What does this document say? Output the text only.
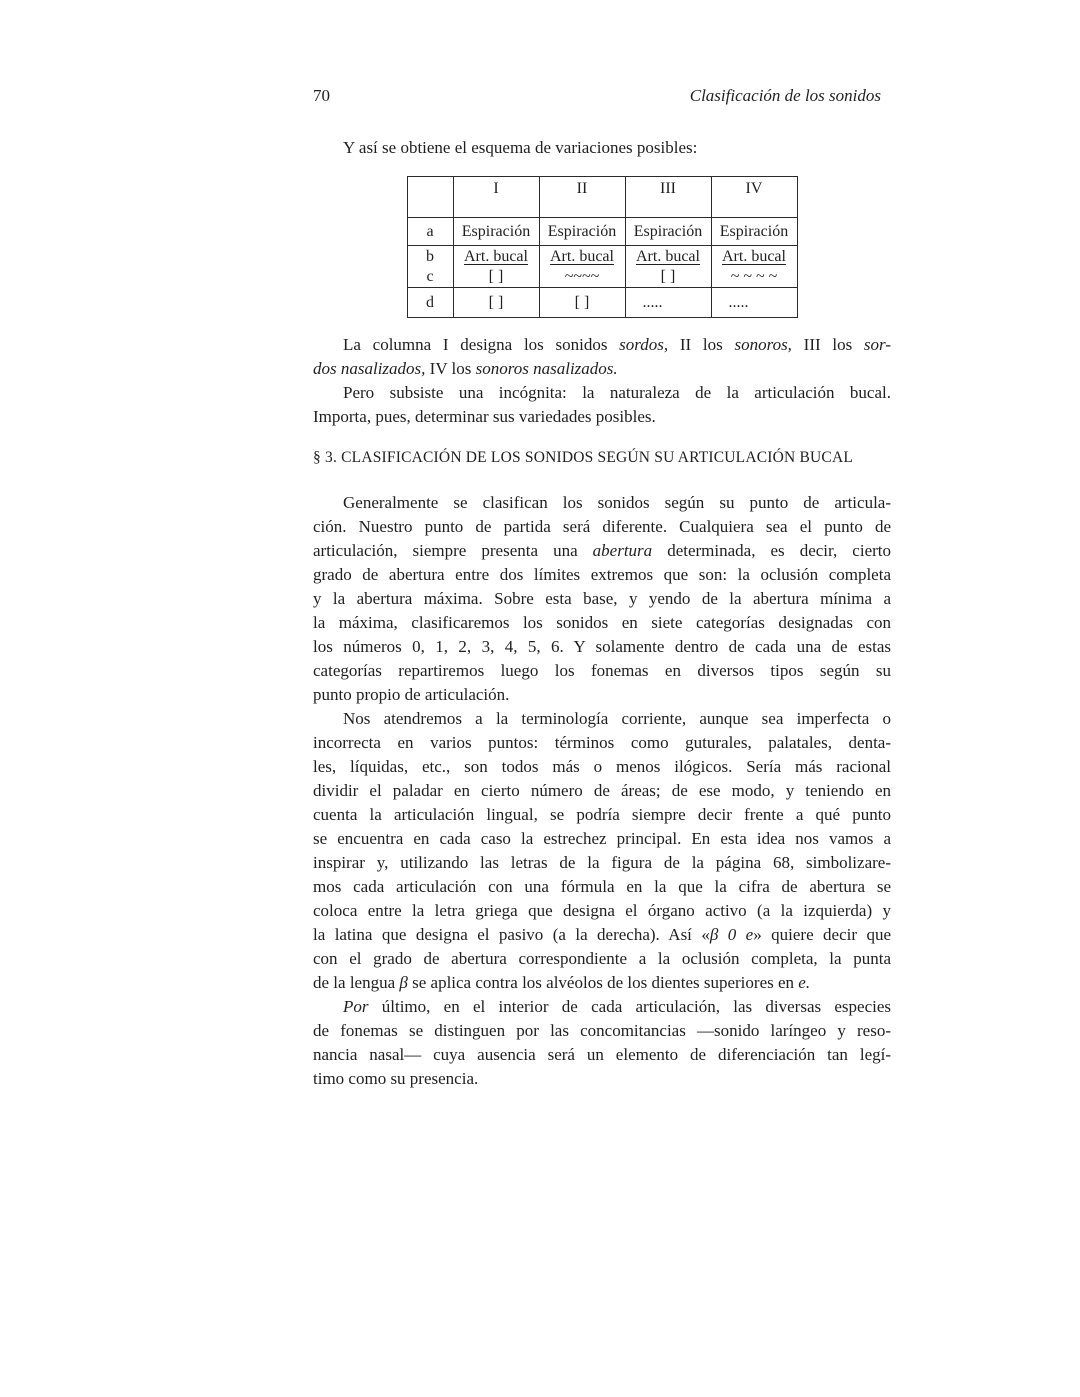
70	Clasificación de los sonidos
Y así se obtiene el esquema de variaciones posibles:
	I	II	III	IV
a	Espiración	Espiración	Espiración	Espiración
b	Art. bucal	Art. bucal	Art. bucal	Art. bucal
c	[ ]	~~~~	[ ]	~ ~ ~ ~
d	[ ]	[ ]	.....	.....
La columna I designa los sonidos sordos, II los sonoros, III los sor-
dos nasalizados, IV los sonoros nasalizados.
Pero subsiste una incógnita: la naturaleza de la articulación bucal.
Importa, pues, determinar sus variedades posibles.
§ 3. CLASIFICACIÓN DE LOS SONIDOS SEGÚN SU ARTICULACIÓN BUCAL
Generalmente se clasifican los sonidos según su punto de articula-
ción. Nuestro punto de partida será diferente. Cualquiera sea el punto de
articulación, siempre presenta una abertura determinada, es decir, cierto
grado de abertura entre dos límites extremos que son: la oclusión completa
y la abertura máxima. Sobre esta base, y yendo de la abertura mínima a
la máxima, clasificaremos los sonidos en siete categorías designadas con
los números 0, 1, 2, 3, 4, 5, 6. Y solamente dentro de cada una de estas
categorías repartiremos luego los fonemas en diversos tipos según su
punto propio de articulación.
Nos atendremos a la terminología corriente, aunque sea imperfecta o
incorrecta en varios puntos: términos como guturales, palatales, denta-
les, líquidas, etc., son todos más o menos ilógicos. Sería más racional
dividir el paladar en cierto número de áreas; de ese modo, y teniendo en
cuenta la articulación lingual, se podría siempre decir frente a qué punto
se encuentra en cada caso la estrechez principal. En esta idea nos vamos a
inspirar y, utilizando las letras de la figura de la página 68, simbolizare-
mos cada articulación con una fórmula en la que la cifra de abertura se
coloca entre la letra griega que designa el órgano activo (a la izquierda) y
la latina que designa el pasivo (a la derecha). Así «β 0 e» quiere decir que
con el grado de abertura correspondiente a la oclusión completa, la punta
de la lengua β se aplica contra los alvéolos de los dientes superiores en e.
Por último, en el interior de cada articulación, las diversas especies
de fonemas se distinguen por las concomitancias —sonido laríngeo y reso-
nancia nasal— cuya ausencia será un elemento de diferenciación tan legí-
timo como su presencia.
